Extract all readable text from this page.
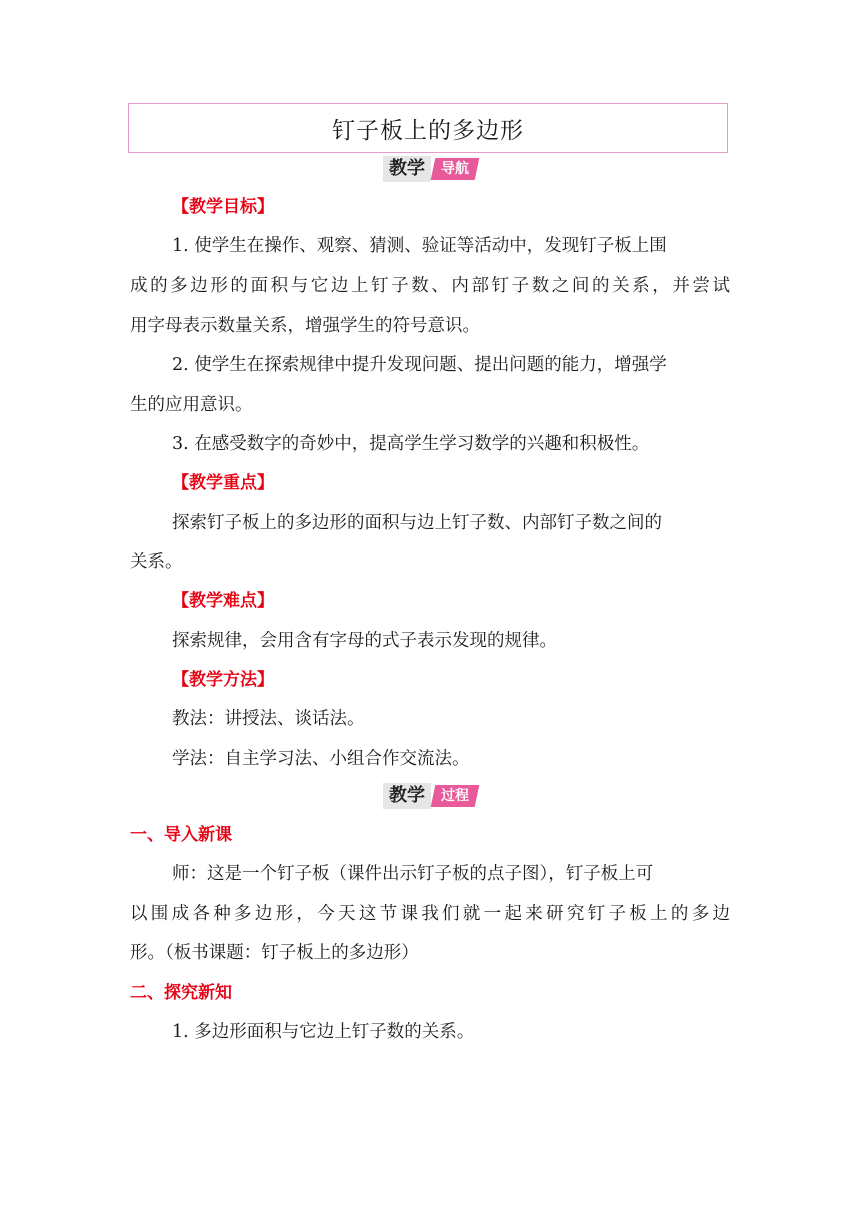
钉子板上的多边形
教学	导航
【教学目标】
1. 使学生在操作、观察、猜测、验证等活动中，发现钉子板上围
成的多边形的面积与它边上钉子数、内部钉子数之间的关系，并尝试
用字母表示数量关系，增强学生的符号意识。
2. 使学生在探索规律中提升发现问题、提出问题的能力，增强学
生的应用意识。
3. 在感受数字的奇妙中，提高学生学习数学的兴趣和积极性。
【教学重点】
探索钉子板上的多边形的面积与边上钉子数、内部钉子数之间的
关系。
【教学难点】
探索规律，会用含有字母的式子表示发现的规律。
【教学方法】
教法：讲授法、谈话法。
学法：自主学习法、小组合作交流法。
教学	过程
一、导入新课
师：这是一个钉子板（课件出示钉子板的点子图），钉子板上可
以围成各种多边形，今天这节课我们就一起来研究钉子板上的多边
形。（板书课题：钉子板上的多边形）
二、探究新知
1. 多边形面积与它边上钉子数的关系。
